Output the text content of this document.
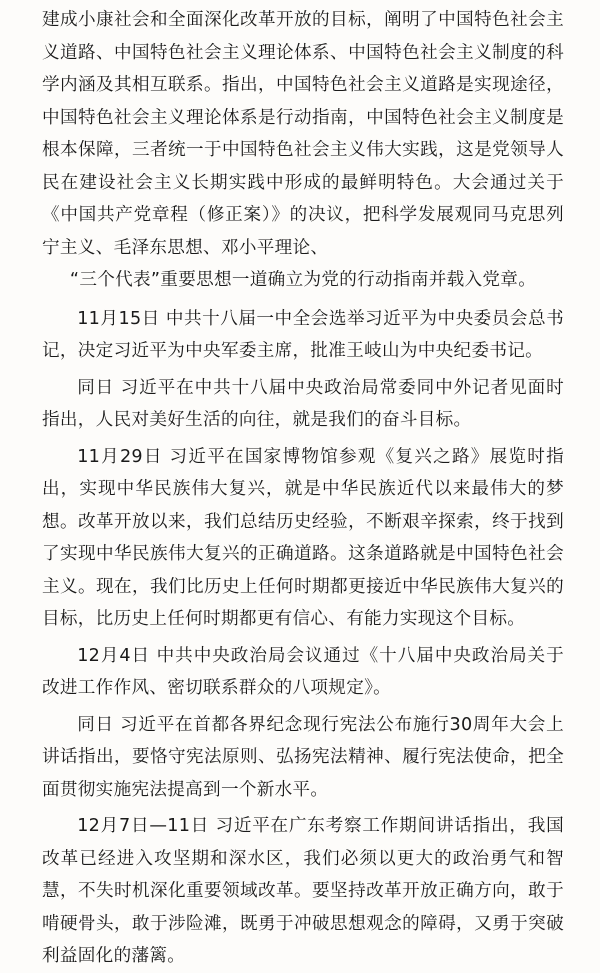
建成小康社会和全面深化改革开放的目标，阐明了中国特色社会主义道路、中国特色社会主义理论体系、中国特色社会主义制度的科学内涵及其相互联系。指出，中国特色社会主义道路是实现途径，中国特色社会主义理论体系是行动指南，中国特色社会主义制度是根本保障，三者统一于中国特色社会主义伟大实践，这是党领导人民在建设社会主义长期实践中形成的最鲜明特色。大会通过关于《中国共产党章程（修正案）》的决议，把科学发展观同马克思列宁主义、毛泽东思想、邓小平理论、
“三个代表”重要思想一道确立为党的行动指南并载入党章。

11月15日 中共十八届一中全会选举习近平为中央委员会总书记，决定习近平为中央军委主席，批准王岐山为中央纪委书记。

同日 习近平在中共十八届中央政治局常委同中外记者见面时指出，人民对美好生活的向往，就是我们的奋斗目标。

11月29日 习近平在国家博物馆参观《复兴之路》展览时指出，实现中华民族伟大复兴，就是中华民族近代以来最伟大的梦想。改革开放以来，我们总结历史经验，不断艰辛探索，终于找到了实现中华民族伟大复兴的正确道路。这条道路就是中国特色社会主义。现在，我们比历史上任何时期都更接近中华民族伟大复兴的目标，比历史上任何时期都更有信心、有能力实现这个目标。

12月4日 中共中央政治局会议通过《十八届中央政治局关于改进工作作风、密切联系群众的八项规定》。

同日 习近平在首都各界纪念现行宪法公布施行30周年大会上讲话指出，要恪守宪法原则、弘扬宪法精神、履行宪法使命，把全面贯彻实施宪法提高到一个新水平。

12月7日—11日 习近平在广东考察工作期间讲话指出，我国改革已经进入攻坚期和深水区，我们必须以更大的政治勇气和智慧，不失时机深化重要领域改革。要坚持改革开放正确方向，敢于啃硬骨头，敢于涉险滩，既勇于冲破思想观念的障碍，又勇于突破利益固化的藩篱。
